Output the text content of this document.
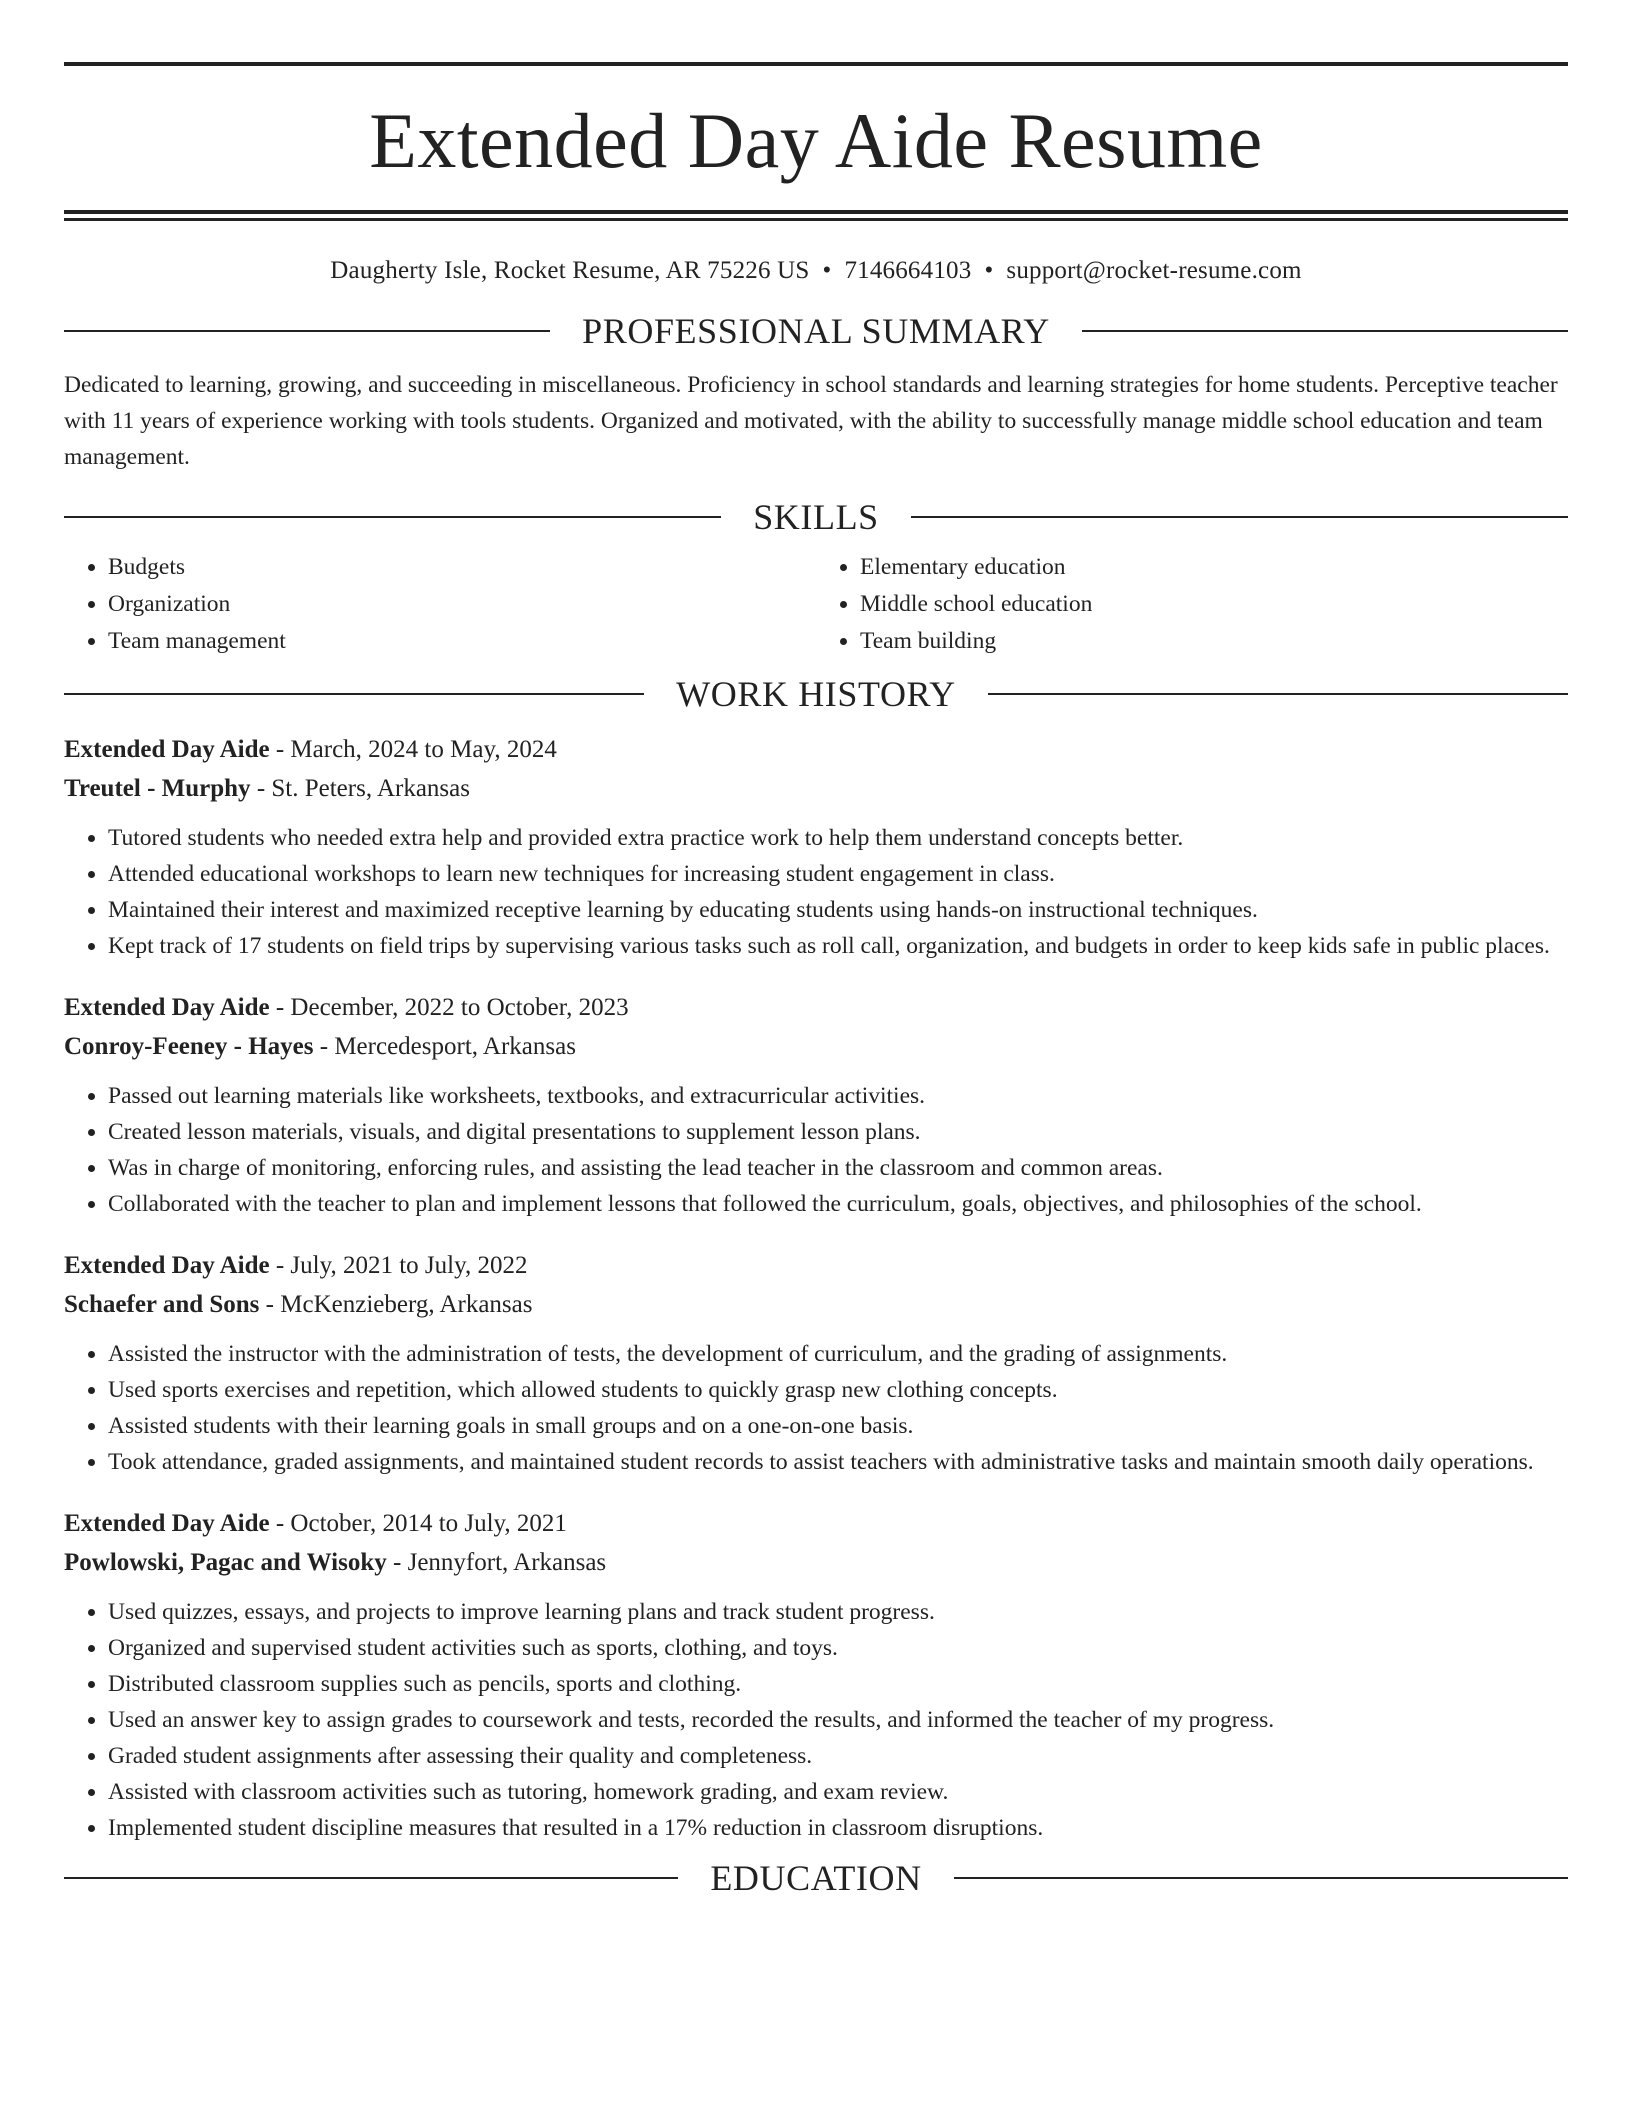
Extended Day Aide Resume
Daugherty Isle, Rocket Resume, AR 75226 US • 7146664103 • support@rocket-resume.com
PROFESSIONAL SUMMARY

Dedicated to learning, growing, and succeeding in miscellaneous. Proficiency in school standards and learning strategies for home students. Perceptive teacher with 11 years of experience working with tools students. Organized and motivated, with the ability to successfully manage middle school education and team management.

SKILLS
• Budgets
• Organization
• Team management
• Elementary education
• Middle school education
• Team building
WORK HISTORY
Extended Day Aide - March, 2024 to May, 2024
Treutel - Murphy - St. Peters, Arkansas
• Tutored students who needed extra help and provided extra practice work to help them understand concepts better.
• Attended educational workshops to learn new techniques for increasing student engagement in class.
• Maintained their interest and maximized receptive learning by educating students using hands-on instructional techniques.
• Kept track of 17 students on field trips by supervising various tasks such as roll call, organization, and budgets in order to keep kids safe in public places.
Extended Day Aide - December, 2022 to October, 2023
Conroy-Feeney - Hayes - Mercedesport, Arkansas
• Passed out learning materials like worksheets, textbooks, and extracurricular activities.
• Created lesson materials, visuals, and digital presentations to supplement lesson plans.
• Was in charge of monitoring, enforcing rules, and assisting the lead teacher in the classroom and common areas.
• Collaborated with the teacher to plan and implement lessons that followed the curriculum, goals, objectives, and philosophies of the school.
Extended Day Aide - July, 2021 to July, 2022
Schaefer and Sons - McKenzieberg, Arkansas
• Assisted the instructor with the administration of tests, the development of curriculum, and the grading of assignments.
• Used sports exercises and repetition, which allowed students to quickly grasp new clothing concepts.
• Assisted students with their learning goals in small groups and on a one-on-one basis.
• Took attendance, graded assignments, and maintained student records to assist teachers with administrative tasks and maintain smooth daily operations.
Extended Day Aide - October, 2014 to July, 2021
Powlowski, Pagac and Wisoky - Jennyfort, Arkansas
• Used quizzes, essays, and projects to improve learning plans and track student progress.
• Organized and supervised student activities such as sports, clothing, and toys.
• Distributed classroom supplies such as pencils, sports and clothing.
• Used an answer key to assign grades to coursework and tests, recorded the results, and informed the teacher of my progress.
• Graded student assignments after assessing their quality and completeness.
• Assisted with classroom activities such as tutoring, homework grading, and exam review.
• Implemented student discipline measures that resulted in a 17% reduction in classroom disruptions.
EDUCATION
